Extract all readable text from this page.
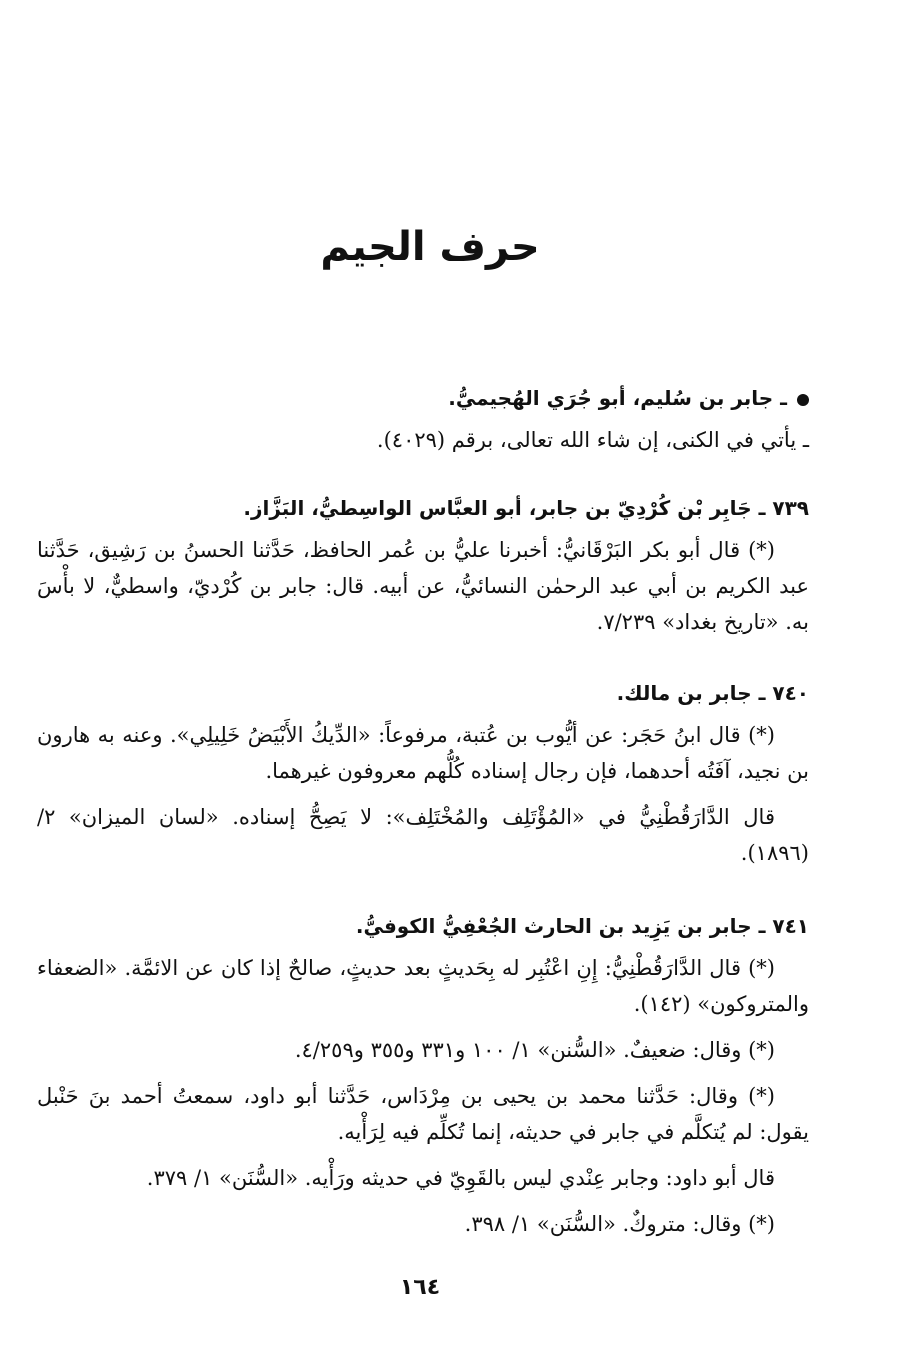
حرف الجيم

ـ جابر بن سُليم، أبو جُرَي الهُجيميُّ.

ـ يأتي في الكنى، إن شاء الله تعالى، برقم (٤٠٢٩).

٧٣٩ ـ جَابِر بْن كُرْدِيّ بن جابر، أبو العبَّاس الواسِطيُّ، البَزَّاز.

(*) قال أبو بكر البَرْقَانيُّ: أخبرنا عليُّ بن عُمر الحافظ، حَدَّثنا الحسنُ بن رَشِيق، حَدَّثنا عبد الكريم بن أبي عبد الرحمٰن النسائيُّ، عن أبيه. قال: جابر بن كُرْديّ، واسطيٌّ، لا بأْسَ به. «تاريخ بغداد» ٧/٢٣٩.

٧٤٠ ـ جابر بن مالك.

(*) قال ابنُ حَجَر: عن أيُّوب بن عُتبة، مرفوعاً: «الدِّيكُ الأَبْيَضُ خَلِيلِي». وعنه به هارون بن نجيد، آفَتُه أحدهما، فإن رجال إسناده كُلُّهم معروفون غيرهما.

قال الدَّارَقُطْنِيُّ في «المُؤْتَلِف والمُخْتَلِف»: لا يَصِحُّ إسناده. «لسان الميزان» ٢/ (١٨٩٦).

٧٤١ ـ جابر بن يَزِيد بن الحارث الجُعْفِيُّ الكوفيُّ.

(*) قال الدَّارَقُطْنِيُّ: إِنِ اعْتُبِر له بِحَديثٍ بعد حديثٍ، صالحٌ إذا كان عن الائمَّة. «الضعفاء والمتروكون» (١٤٢).

(*) وقال: ضعيفٌ. «السُّنن» ١/ ١٠٠ و٣٣١ و٣٥٥ و٤/٢٥٩.

(*) وقال: حَدَّثنا محمد بن يحيى بن مِرْدَاس، حَدَّثنا أبو داود، سمعتُ أحمد بنَ حَنْبل يقول: لم يُتكلَّم في جابر في حديثه، إنما تُكلِّم فيه لِرَأْيه.

قال أبو داود: وجابر عِنْدي ليس بالقَوِيّ في حديثه ورَأْيه. «السُّنَن» ١/ ٣٧٩.

(*) وقال: متروكٌ. «السُّنَن» ١/ ٣٩٨.

١٦٤
